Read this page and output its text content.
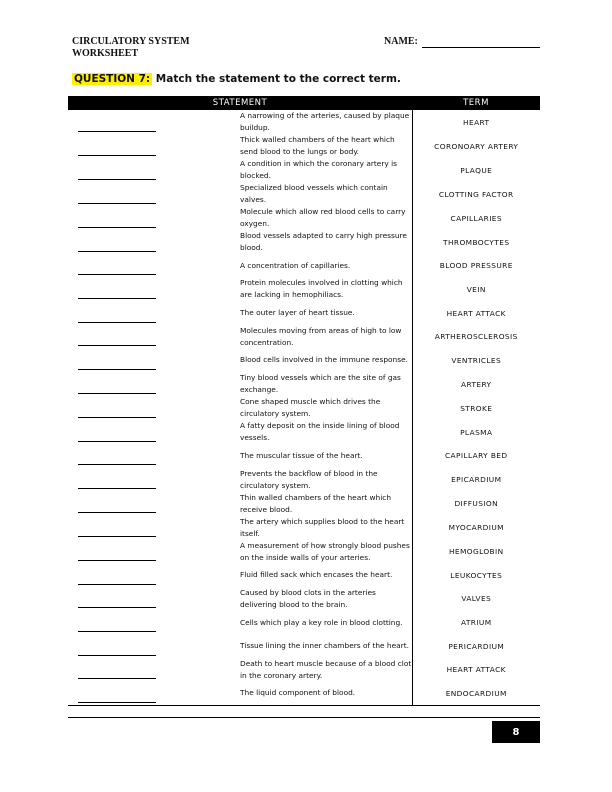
CIRCULATORY SYSTEM
WORKSHEET
NAME:
QUESTION 7: Match the statement to the correct term.
STATEMENT		TERM

	A narrowing of the arteries, caused by plaque buildup.	HEART

	Thick walled chambers of the heart which send blood to the lungs or body.	CORONOARY ARTERY

	A condition in which the coronary artery is blocked.	PLAQUE

	Specialized blood vessels which contain valves.	CLOTTING FACTOR

	Molecule which allow red blood cells to carry oxygen.	CAPILLARIES

	Blood vessels adapted to carry high pressure blood.	THROMBOCYTES

	A concentration of capillaries.	BLOOD PRESSURE

	Protein molecules involved in clotting which are lacking in hemophiliacs.	VEIN

	The outer layer of heart tissue.	HEART ATTACK

	Molecules moving from areas of high to low concentration.	ARTHEROSCLEROSIS

	Blood cells involved in the immune response.	VENTRICLES

	Tiny blood vessels which are the site of gas exchange.	ARTERY

	Cone shaped muscle which drives the circulatory system.	STROKE

	A fatty deposit on the inside lining of blood vessels.	PLASMA

	The muscular tissue of the heart.	CAPILLARY BED

	Prevents the backflow of blood in the circulatory system.	EPICARDIUM

	Thin walled chambers of the heart which receive blood.	DIFFUSION

	The artery which supplies blood to the heart itself.	MYOCARDIUM

	A measurement of how strongly blood pushes on the inside walls of your arteries.	HEMOGLOBIN

	Fluid filled sack which encases the heart.	LEUKOCYTES

	Caused by blood clots in the arteries delivering blood to the brain.	VALVES

	Cells which play a key role in blood clotting.	ATRIUM

	Tissue lining the inner chambers of the heart.	PERICARDIUM

	Death to heart muscle because of a blood clot in the coronary artery.	HEART ATTACK

	The liquid component of blood.	ENDOCARDIUM
8
